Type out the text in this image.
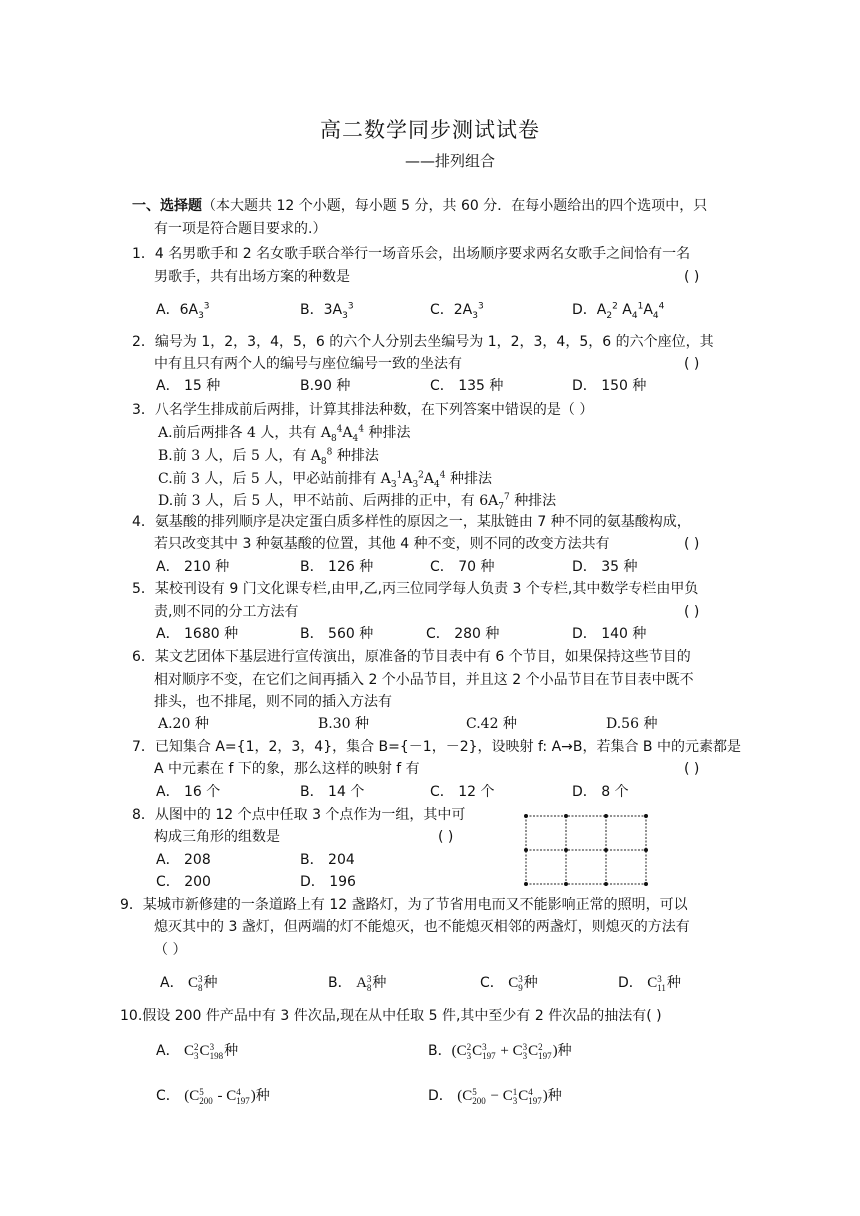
高二数学同步测试试卷
——排列组合
一、选择题（本大题共 12 个小题，每小题 5 分，共 60 分．在每小题给出的四个选项中，只
有一项是符合题目要求的.）
1．4 名男歌手和 2 名女歌手联合举行一场音乐会，出场顺序要求两名女歌手之间恰有一名
男歌手，共有出场方案的种数是	( )
A．$6A_3^3$	B．$3A_3^3$	C．$2A_3^3$	D．$A_2^2$ $A_4^1A_4^4$
2．编号为 1，2，3，4，5，6 的六个人分别去坐编号为 1，2，3，4，5，6 的六个座位，其
中有且只有两个人的编号与座位编号一致的坐法有	( )
A． 15 种	B.90 种	C． 135 种	D． 150 种
3．八名学生排成前后两排，计算其排法种数，在下列答案中错误的是（ ）
A.前后两排各 4 人，共有 $A_8^4A_4^4$ 种排法
B.前 3 人，后 5 人，有 $A_8^8$ 种排法
C.前 3 人，后 5 人，甲必站前排有 $A_3^1A_3^2A_4^4$ 种排法
D.前 3 人，后 5 人，甲不站前、后两排的正中，有 $6A_7^7$ 种排法
4．氨基酸的排列顺序是决定蛋白质多样性的原因之一，某肽链由 7 种不同的氨基酸构成，
若只改变其中 3 种氨基酸的位置，其他 4 种不变，则不同的改变方法共有	( )
A． 210 种	B． 126 种	C． 70 种	D． 35 种
5．某校刊设有 9 门文化课专栏,由甲,乙,丙三位同学每人负责 3 个专栏,其中数学专栏由甲负
责,则不同的分工方法有	( )
A． 1680 种	B． 560 种	C． 280 种	D． 140 种
6．某文艺团体下基层进行宣传演出，原准备的节目表中有 6 个节目，如果保持这些节目的
相对顺序不变，在它们之间再插入 2 个小品节目，并且这 2 个小品节目在节目表中既不
排头，也不排尾，则不同的插入方法有
A.20 种	B.30 种	C.42 种	D.56 种
7．已知集合 A={1，2，3，4}，集合 B={－1，－2}，设映射 f: A→B，若集合 B 中的元素都是
A 中元素在 f 下的象，那么这样的映射 f 有	( )
A． 16 个	B． 14 个	C． 12 个	D． 8 个
8．从图中的 12 个点中任取 3 个点作为一组，其中可
构成三角形的组数是	( )
A． 208	B． 204
C． 200	D． 196
9．某城市新修建的一条道路上有 12 盏路灯，为了节省用电而又不能影响正常的照明，可以
熄灭其中的 3 盏灯，但两端的灯不能熄灭，也不能熄灭相邻的两盏灯，则熄灭的方法有
（ ）
A． C 3
8 种	B． A 3
8 种	C． C 3
9 种	D． C 3
11 种
10.假设 200 件产品中有 3 件次品,现在从中任取 5 件,其中至少有 2 件次品的抽法有( )
A． C 2
3 C 3
198 种	B．(C 2
3 C 3
197 + C 3
3 C 2
197 )种
C． (C 5
200 - C 4
197 )种	D． (C 5
200 − C 1
3 C 4
197 )种
